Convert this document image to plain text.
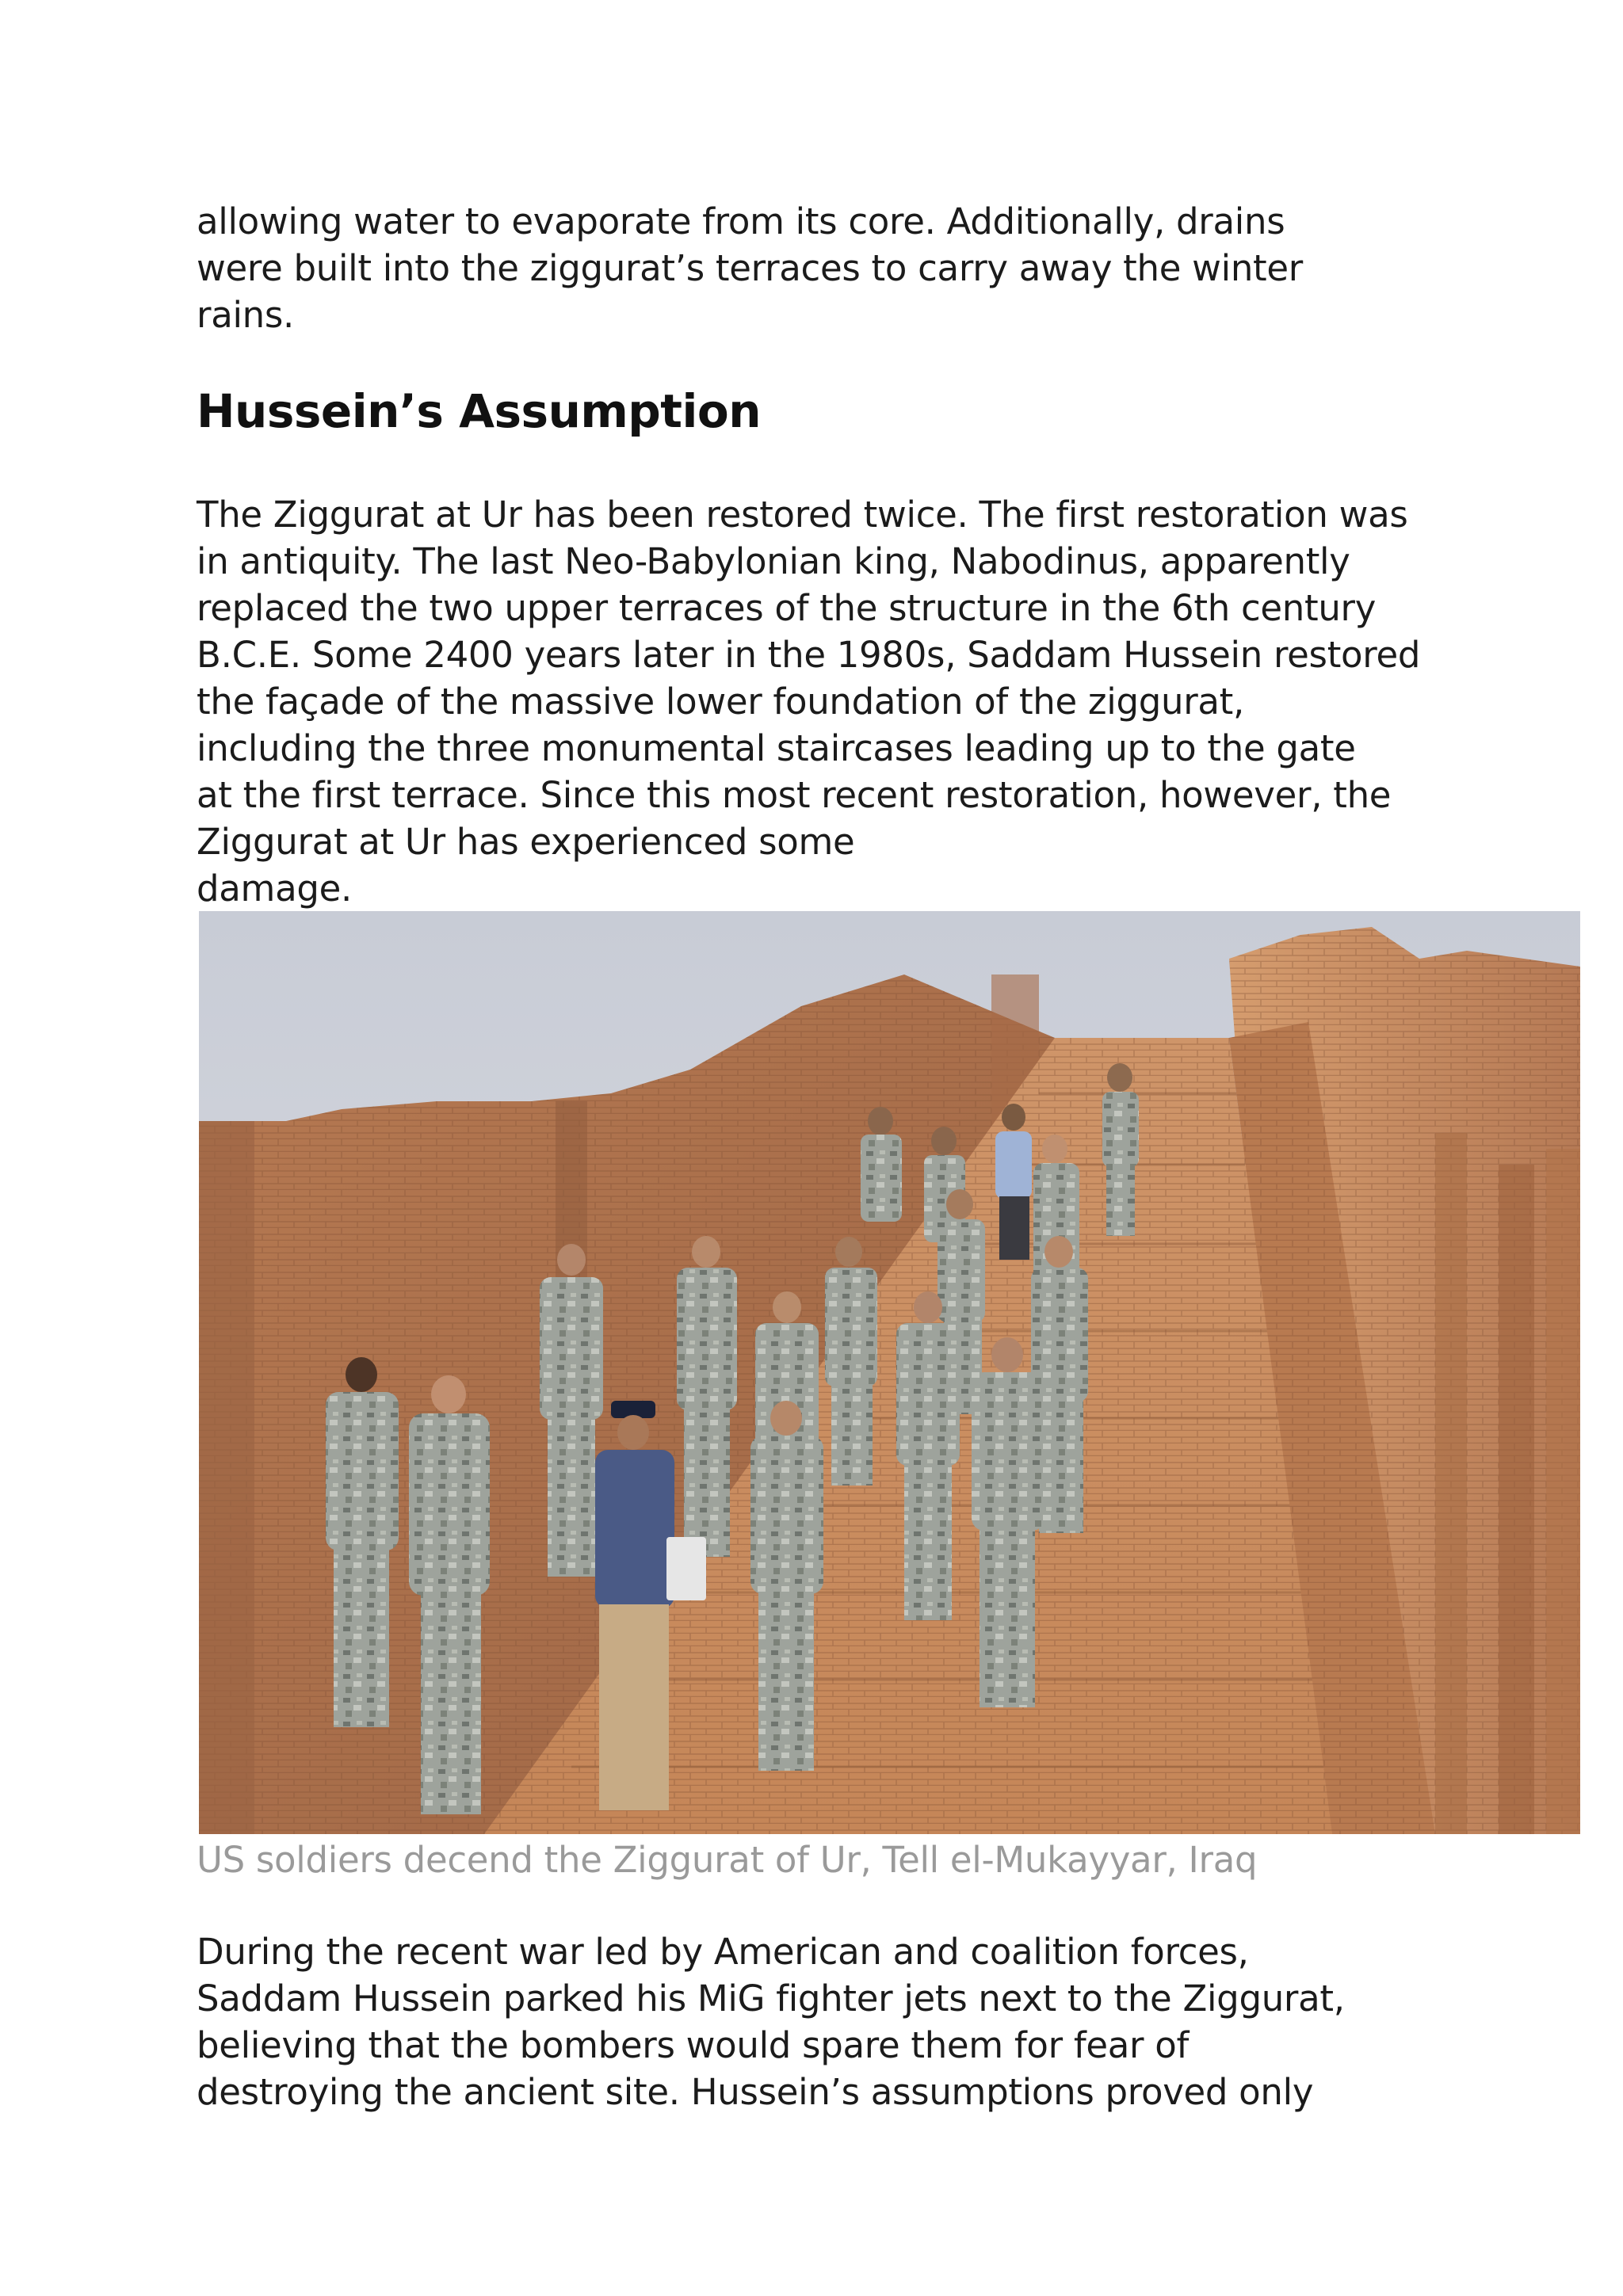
allowing water to evaporate from its core. Additionally, drains
were built into the ziggurat’s terraces to carry away the winter
rains.

Hussein’s Assumption

The Ziggurat at Ur has been restored twice. The first restoration was
in antiquity. The last Neo-Babylonian king, Nabodinus, apparently
replaced the two upper terraces of the structure in the 6th century
B.C.E. Some 2400 years later in the 1980s, Saddam Hussein restored
the façade of the massive lower foundation of the ziggurat,
including the three monumental staircases leading up to the gate
at the first terrace. Since this most recent restoration, however, the
Ziggurat at Ur has experienced some
damage.

US soldiers decend the Ziggurat of Ur, Tell el-Mukayyar, Iraq

During the recent war led by American and coalition forces,
Saddam Hussein parked his MiG fighter jets next to the Ziggurat,
believing that the bombers would spare them for fear of
destroying the ancient site. Hussein’s assumptions proved only
